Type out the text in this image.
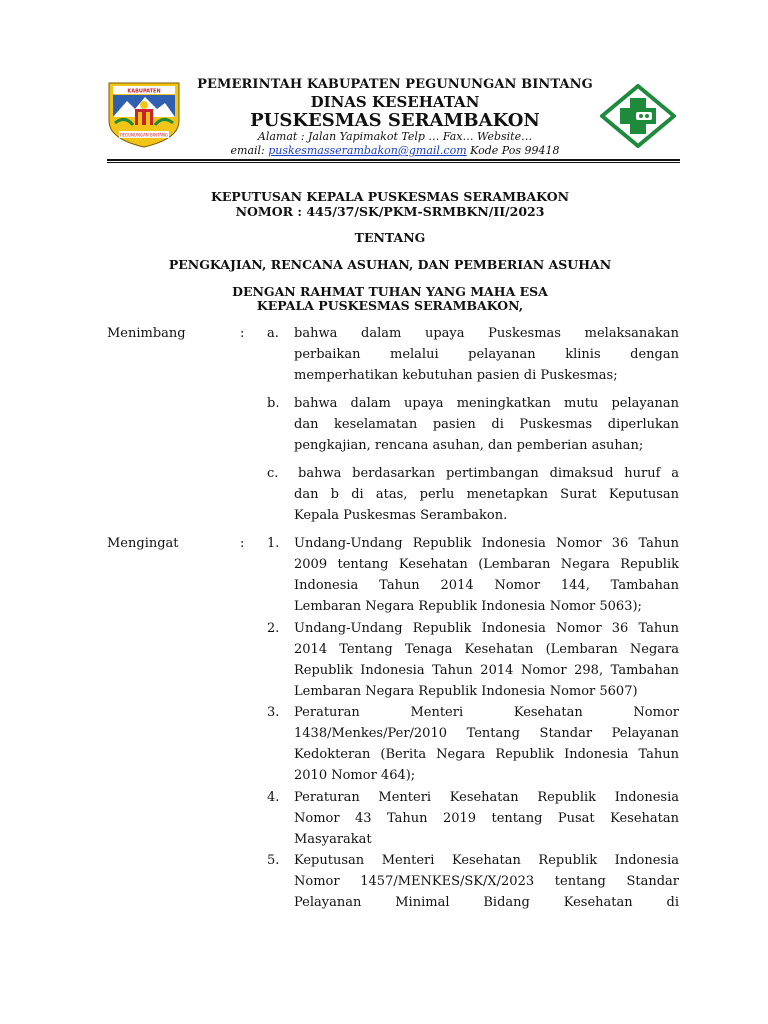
KABUPATEN
PEGUNUNGAN BINTANG
PEMERINTAH KABUPATEN PEGUNUNGAN BINTANG
DINAS KESEHATAN
PUSKESMAS SERAMBAKON
Alamat : Jalan Yapimakot Telp … Fax… Website…
email: puskesmasserambakon@gmail.com Kode Pos 99418
KEPUTUSAN KEPALA PUSKESMAS SERAMBAKON
NOMOR : 445/37/SK/PKM-SRMBKN/II/2023
TENTANG
PENGKAJIAN, RENCANA ASUHAN, DAN PEMBERIAN ASUHAN
DENGAN RAHMAT TUHAN YANG MAHA ESA
KEPALA PUSKESMAS SERAMBAKON,
Menimbang	: a. bahwa dalam upaya Puskesmas melaksanakan
perbaikan melalui pelayanan klinis dengan
memperhatikan kebutuhan pasien di Puskesmas;
b. bahwa dalam upaya meningkatkan mutu pelayanan
dan keselamatan pasien di Puskesmas diperlukan
pengkajian, rencana asuhan, dan pemberian asuhan;
c.	bahwa berdasarkan pertimbangan dimaksud huruf a
dan b di atas, perlu menetapkan Surat Keputusan
Kepala Puskesmas Serambakon.
Mengingat	: 1. Undang-Undang Republik Indonesia Nomor 36 Tahun
2009 tentang Kesehatan (Lembaran Negara Republik
Indonesia Tahun 2014 Nomor 144, Tambahan
Lembaran Negara Republik Indonesia Nomor 5063);
2. Undang-Undang Republik Indonesia Nomor 36 Tahun
2014 Tentang Tenaga Kesehatan (Lembaran Negara
Republik Indonesia Tahun 2014 Nomor 298, Tambahan
Lembaran Negara Republik Indonesia Nomor 5607)
3. Peraturan Menteri Kesehatan Nomor
1438/Menkes/Per/2010 Tentang Standar Pelayanan
Kedokteran (Berita Negara Republik Indonesia Tahun
2010 Nomor 464);
4. Peraturan Menteri Kesehatan Republik Indonesia
Nomor 43 Tahun 2019 tentang Pusat Kesehatan
Masyarakat
5. Keputusan Menteri Kesehatan Republik Indonesia
Nomor 1457/MENKES/SK/X/2023 tentang Standar
Pelayanan Minimal Bidang Kesehatan di
